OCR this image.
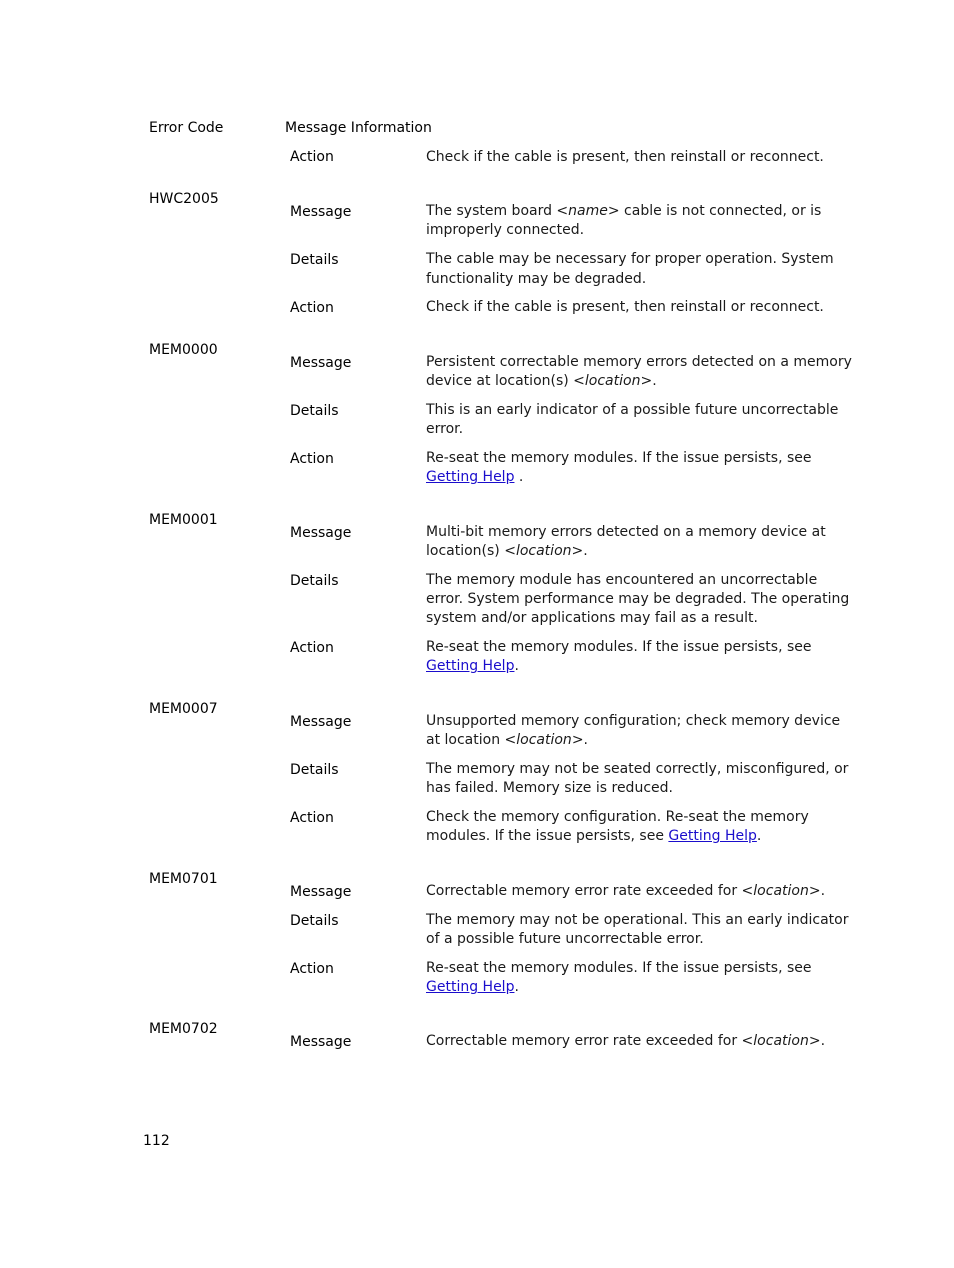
Error Code	Message Information
Action	Check if the cable is present, then reinstall or reconnect.
HWC2005
Message	The system board <name> cable is not connected, or is
improperly connected.
Details	The cable may be necessary for proper operation. System
functionality may be degraded.
Action	Check if the cable is present, then reinstall or reconnect.
MEM0000
Message	Persistent correctable memory errors detected on a memory
device at location(s) <location>.
Details	This is an early indicator of a possible future uncorrectable
error.
Action	Re-seat the memory modules. If the issue persists, see
Getting Help .
MEM0001
Message	Multi-bit memory errors detected on a memory device at
location(s) <location>.
Details	The memory module has encountered an uncorrectable
error. System performance may be degraded. The operating
system and/or applications may fail as a result.
Action	Re-seat the memory modules. If the issue persists, see
Getting Help.
MEM0007
Message	Unsupported memory configuration; check memory device
at location <location>.
Details	The memory may not be seated correctly, misconfigured, or
has failed. Memory size is reduced.
Action	Check the memory configuration. Re-seat the memory
modules. If the issue persists, see Getting Help.
MEM0701
Message	Correctable memory error rate exceeded for <location>.
Details	The memory may not be operational. This an early indicator
of a possible future uncorrectable error.
Action	Re-seat the memory modules. If the issue persists, see
Getting Help.
MEM0702
Message	Correctable memory error rate exceeded for <location>.
112
